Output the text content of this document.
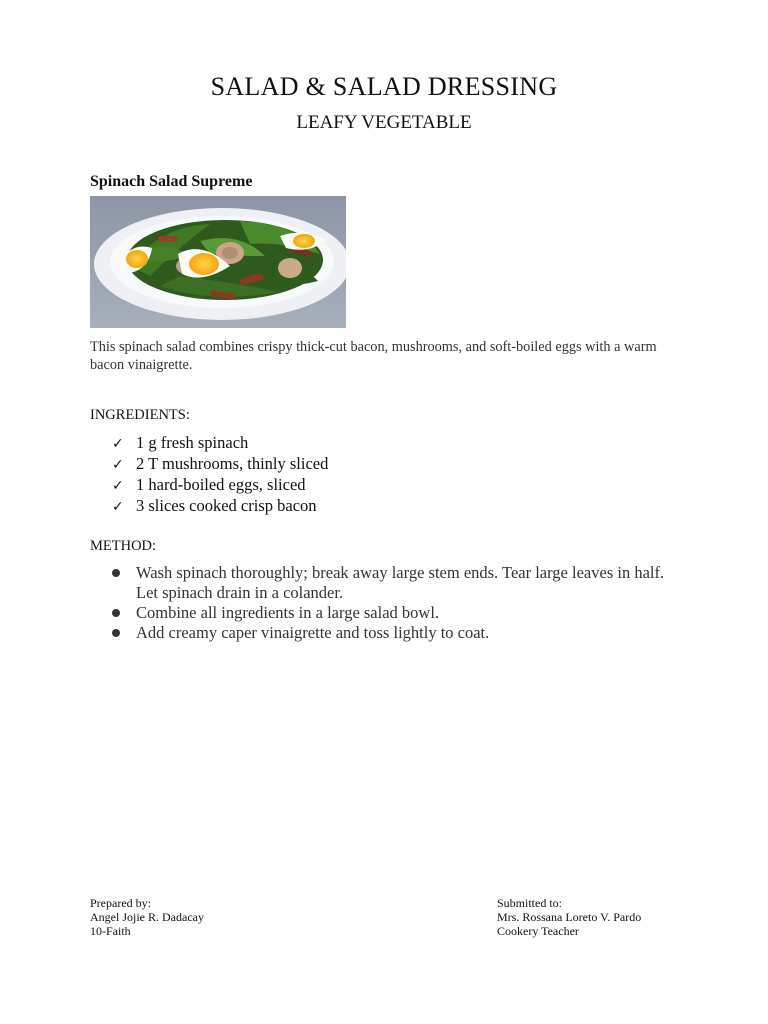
SALAD & SALAD DRESSING
LEAFY VEGETABLE
Spinach Salad Supreme
This spinach salad combines crispy thick-cut bacon, mushrooms, and soft-boiled eggs with a warm bacon vinaigrette.
INGREDIENTS:
✓ 1 g fresh spinach
✓ 2 T mushrooms, thinly sliced
✓ 1 hard-boiled eggs, sliced
✓ 3 slices cooked crisp bacon
METHOD:
Wash spinach thoroughly; break away large stem ends. Tear large leaves in half. Let spinach drain in a colander.
Combine all ingredients in a large salad bowl.
Add creamy caper vinaigrette and toss lightly to coat.
Prepared by:
Angel Jojie R. Dadacay
10-Faith
Submitted to:
Mrs. Rossana Loreto V. Pardo
Cookery Teacher
